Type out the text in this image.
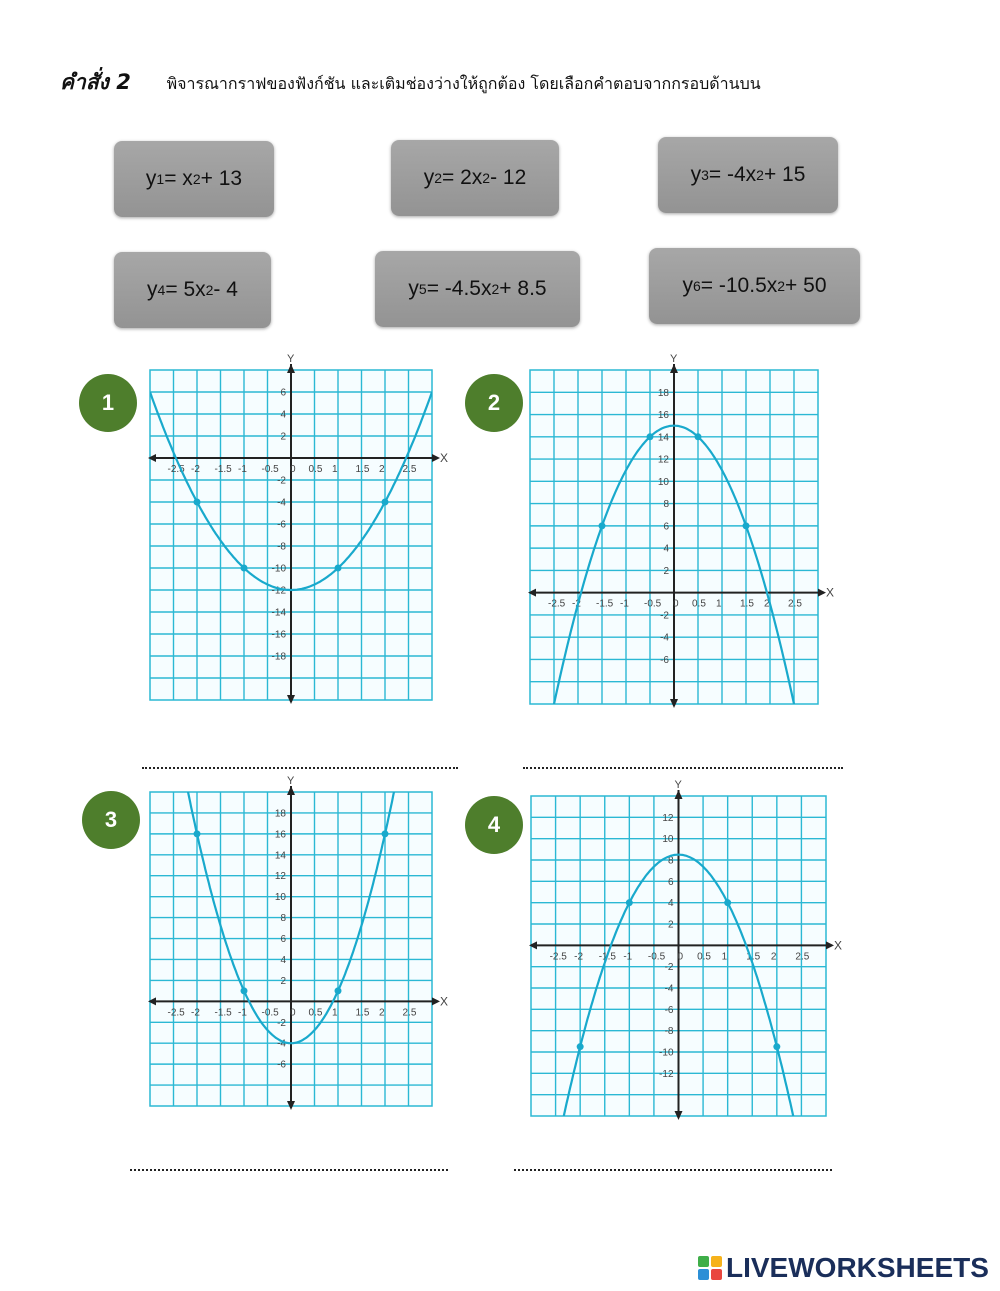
คำสั่ง 2 พิจารณากราฟของฟังก์ชัน และเติมช่องว่างให้ถูกต้อง โดยเลือกคำตอบจากกรอบด้านบน
y 1 = x 2 + 13	y 2 = 2x 2 - 12	y 3 = -4x 2 + 15
y 4 = 5x 2 - 4	y 5 = -4.5x 2 + 8.5	y 6 = -10.5x 2 + 50
1	2
3	4
X
Y
-2.5 -2 -1.5 -1 -0.5 0 0.5 1 1.5 2 2.5
6
4
2
-2
-4
-6
-8
-10
-12
-14
-16
-18
X
Y
-2.5 -2 -1.5 -1 -0.5 0 0.5 1 1.5 2 2.5
18
16
14
12
10
8
6
4
2
-2
-4
-6
X
Y
-2.5 -2 -1.5 -1 -0.5 0 0.5 1 1.5 2 2.5
18
16
14
12
10
8
6
4
2
-2
-4
-6
X
Y
-2.5 -2 -1.5 -1 -0.5 0 0.5 1 1.5 2 2.5
12
10
8
6
4
2
-2
-4
-6
-8
-10
-12
LIVEWORKSHEETS
